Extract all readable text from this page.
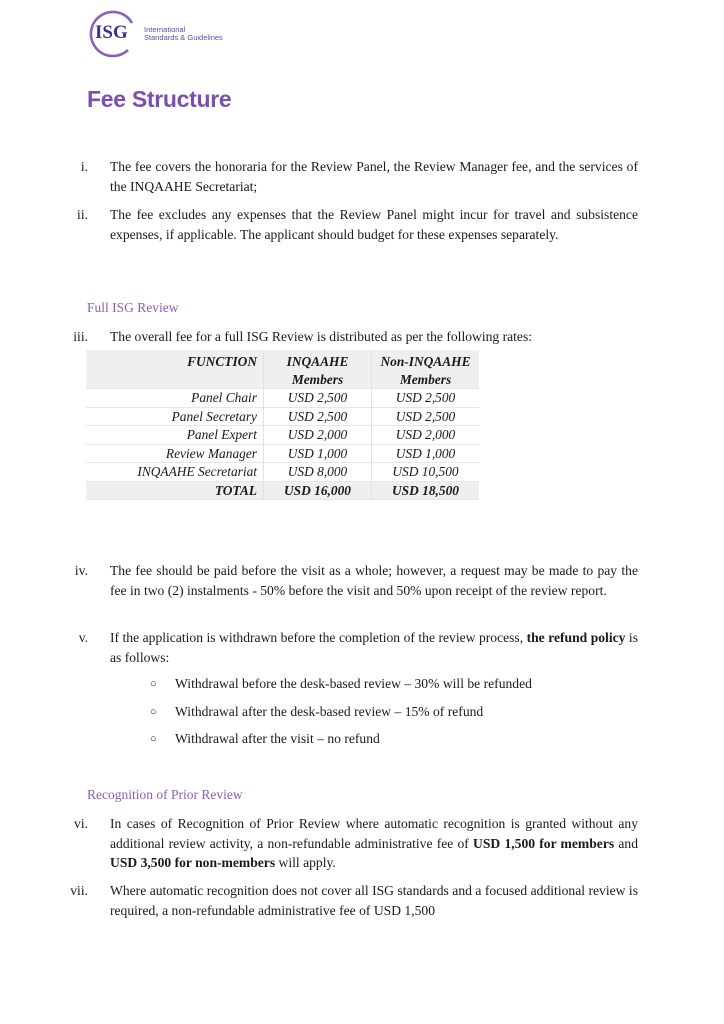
ISG International
Standards & Guidelines
Fee Structure
i. The fee covers the honoraria for the Review Panel, the Review Manager fee, and the services of the INQAAHE Secretariat;
ii. The fee excludes any expenses that the Review Panel might incur for travel and subsistence expenses, if applicable. The applicant should budget for these expenses separately.
Full ISG Review
iii. The overall fee for a full ISG Review is distributed as per the following rates:
FUNCTION	INQAAHE Members	Non-INQAAHE Members
Panel Chair	USD 2,500	USD 2,500
Panel Secretary	USD 2,500	USD 2,500
Panel Expert	USD 2,000	USD 2,000
Review Manager	USD 1,000	USD 1,000
INQAAHE Secretariat	USD 8,000	USD 10,500
TOTAL	USD 16,000	USD 18,500
iv. The fee should be paid before the visit as a whole; however, a request may be made to pay the fee in two (2) instalments - 50% before the visit and 50% upon receipt of the review report.
v. If the application is withdrawn before the completion of the review process, the refund policy is as follows:
○	Withdrawal before the desk-based review – 30% will be refunded
○	Withdrawal after the desk-based review – 15% of refund
○	Withdrawal after the visit – no refund
Recognition of Prior Review
vi. In cases of Recognition of Prior Review where automatic recognition is granted without any additional review activity, a non-refundable administrative fee of USD 1,500 for members and USD 3,500 for non-members will apply.
vii. Where automatic recognition does not cover all ISG standards and a focused additional review is required, a non-refundable administrative fee of USD 1,500
